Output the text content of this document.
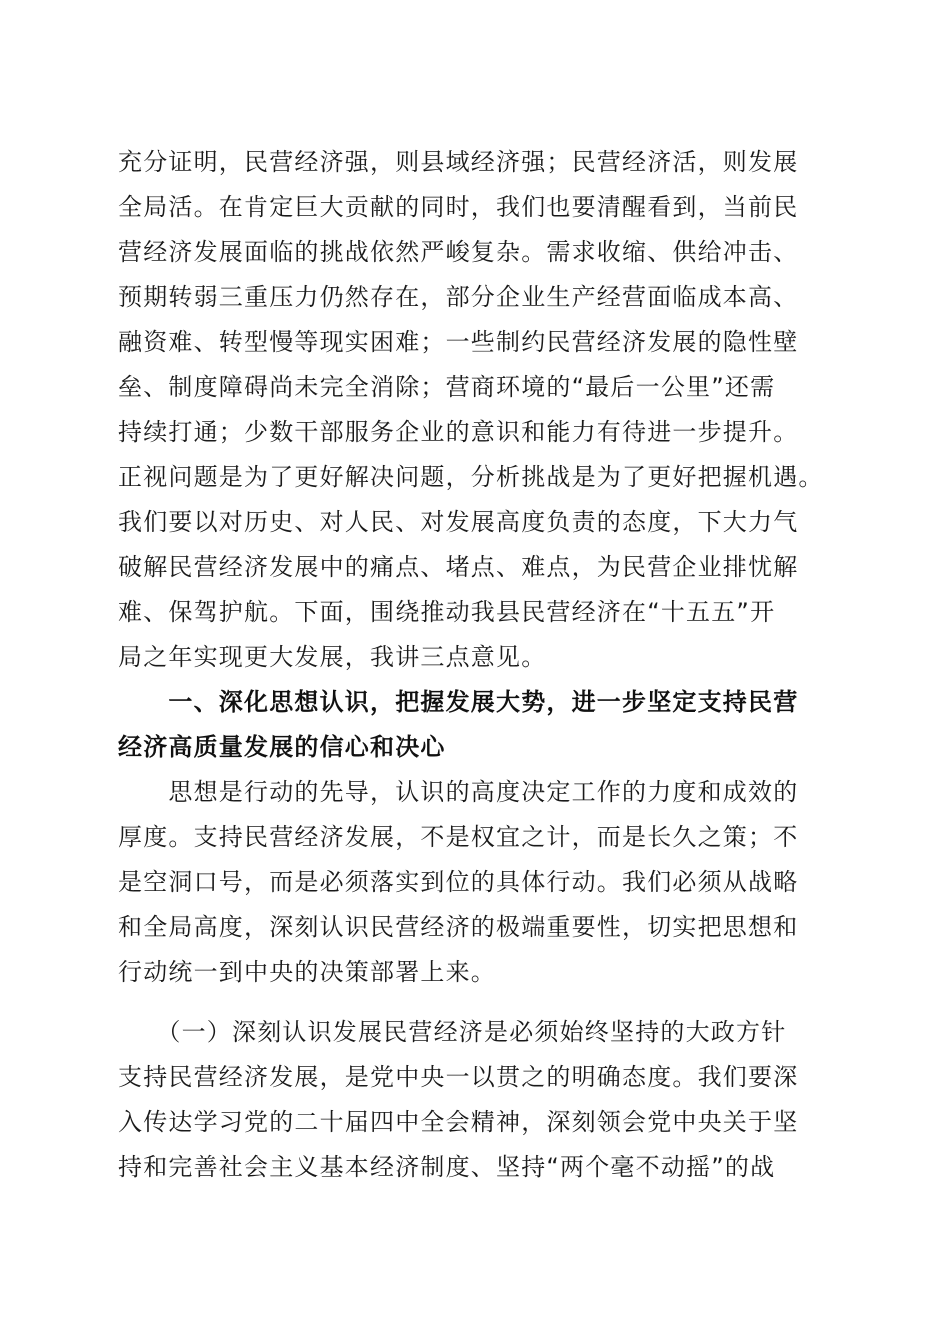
充分证明，民营经济强，则县域经济强；民营经济活，则发展
全局活。在肯定巨大贡献的同时，我们也要清醒看到，当前民
营经济发展面临的挑战依然严峻复杂。需求收缩、供给冲击、
预期转弱三重压力仍然存在，部分企业生产经营面临成本高、
融资难、转型慢等现实困难；一些制约民营经济发展的隐性壁
垒、制度障碍尚未完全消除；营商环境的“最后一公里”还需
持续打通；少数干部服务企业的意识和能力有待进一步提升。
正视问题是为了更好解决问题，分析挑战是为了更好把握机遇。
我们要以对历史、对人民、对发展高度负责的态度，下大力气
破解民营经济发展中的痛点、堵点、难点，为民营企业排忧解
难、保驾护航。下面，围绕推动我县民营经济在“十五五”开
局之年实现更大发展，我讲三点意见。
　　一、深化思想认识，把握发展大势，进一步坚定支持民营
经济高质量发展的信心和决心
　　思想是行动的先导，认识的高度决定工作的力度和成效的
厚度。支持民营经济发展，不是权宜之计，而是长久之策；不
是空洞口号，而是必须落实到位的具体行动。我们必须从战略
和全局高度，深刻认识民营经济的极端重要性，切实把思想和
行动统一到中央的决策部署上来。
　　（一）深刻认识发展民营经济是必须始终坚持的大政方针
支持民营经济发展，是党中央一以贯之的明确态度。我们要深
入传达学习党的二十届四中全会精神，深刻领会党中央关于坚
持和完善社会主义基本经济制度、坚持“两个毫不动摇”的战
